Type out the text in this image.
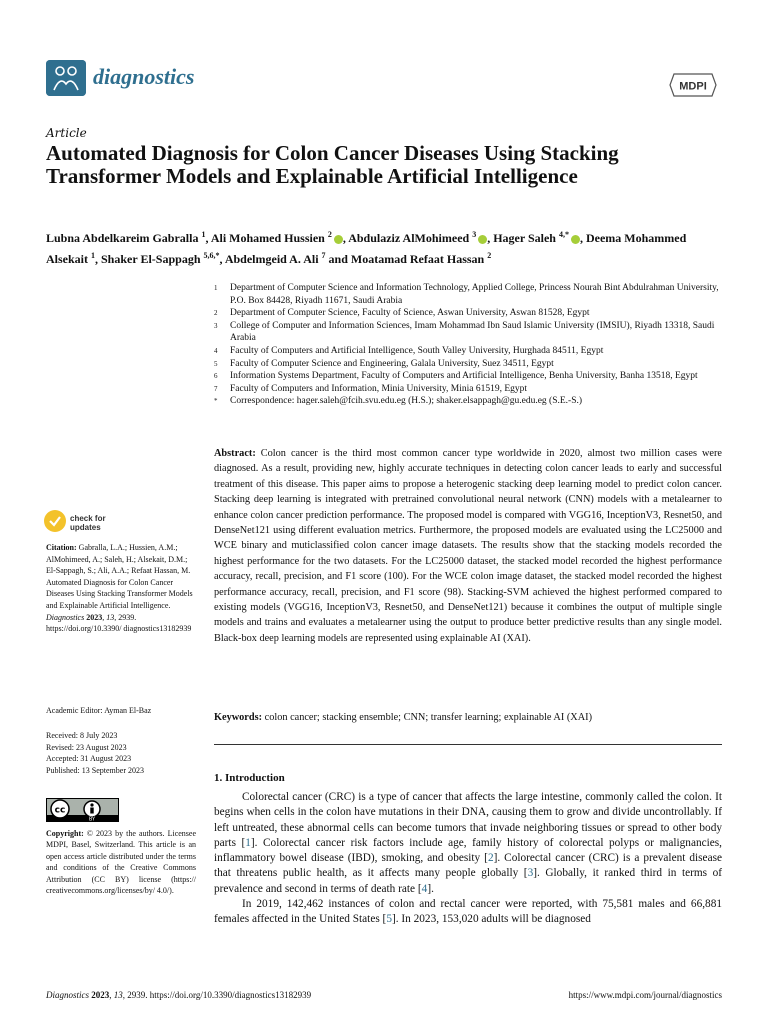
diagnostics	MDPI
Article
Automated Diagnosis for Colon Cancer Diseases Using Stacking Transformer Models and Explainable Artificial Intelligence
Lubna Abdelkareim Gabralla $^1$, Ali Mohamed Hussien $^2$ , Abdulaziz AlMohimeed $^3$ , Hager Saleh $^{4,*}$ , Deema Mohammed Alsekait $^1$, Shaker El-Sappagh $^{5,6,*}$, Abdelmgeid A. Ali $^7$ and Moatamad Refaat Hassan $^2$
1	Department of Computer Science and Information Technology, Applied College, Princess Nourah Bint Abdulrahman University, P.O. Box 84428, Riyadh 11671, Saudi Arabia
2	Department of Computer Science, Faculty of Science, Aswan University, Aswan 81528, Egypt
3	College of Computer and Information Sciences, Imam Mohammad Ibn Saud Islamic University (IMSIU), Riyadh 13318, Saudi Arabia
4	Faculty of Computers and Artificial Intelligence, South Valley University, Hurghada 84511, Egypt
5	Faculty of Computer Science and Engineering, Galala University, Suez 34511, Egypt
6	Information Systems Department, Faculty of Computers and Artificial Intelligence, Benha University, Banha 13518, Egypt
7	Faculty of Computers and Information, Minia University, Minia 61519, Egypt
*	Correspondence: hager.saleh@fcih.svu.edu.eg (H.S.); shaker.elsappagh@gu.edu.eg (S.E.-S.)
check for
updates
Citation: Gabralla, L.A.; Hussien, A.M.; AlMohimeed, A.; Saleh, H.; Alsekait, D.M.; El-Sappagh, S.; Ali, A.A.; Refaat Hassan, M. Automated Diagnosis for Colon Cancer Diseases Using Stacking Transformer Models and Explainable Artificial Intelligence. Diagnostics 2023, 13, 2939. https://doi.org/10.3390/ diagnostics13182939
Academic Editor: Ayman El-Baz
Received: 8 July 2023
Revised: 23 August 2023
Accepted: 31 August 2023
Published: 13 September 2023
cc
BY
Copyright: © 2023 by the authors. Licensee MDPI, Basel, Switzerland. This article is an open access article distributed under the terms and conditions of the Creative Commons Attribution (CC BY) license (https:// creativecommons.org/licenses/by/ 4.0/).
Abstract: Colon cancer is the third most common cancer type worldwide in 2020, almost two million cases were diagnosed. As a result, providing new, highly accurate techniques in detecting colon cancer leads to early and successful treatment of this disease. This paper aims to propose a heterogenic stacking deep learning model to predict colon cancer. Stacking deep learning is integrated with pretrained convolutional neural network (CNN) models with a metalearner to enhance colon cancer prediction performance. The proposed model is compared with VGG16, InceptionV3, Resnet50, and DenseNet121 using different evaluation metrics. Furthermore, the proposed models are evaluated using the LC25000 and WCE binary and muticlassified colon cancer image datasets. The results show that the stacking models recorded the highest performance for the two datasets. For the LC25000 dataset, the stacked model recorded the highest performance accuracy, recall, precision, and F1 score (100). For the WCE colon image dataset, the stacked model recorded the highest performance accuracy, recall, precision, and F1 score (98). Stacking-SVM achieved the highest performed compared to existing models (VGG16, InceptionV3, Resnet50, and DenseNet121) because it combines the output of multiple single models and trains and evaluates a metalearner using the output to produce better predictive results than any single model. Black-box deep learning models are represented using explainable AI (XAI).
Keywords: colon cancer; stacking ensemble; CNN; transfer learning; explainable AI (XAI)
1. Introduction

Colorectal cancer (CRC) is a type of cancer that affects the large intestine, commonly called the colon. It begins when cells in the colon have mutations in their DNA, causing them to grow and divide uncontrollably. If left untreated, these abnormal cells can become tumors that invade neighboring tissues or spread to other body parts [1]. Colorectal cancer risk factors include age, family history of colorectal polyps or malignancies, inflammatory bowel disease (IBD), smoking, and obesity [2]. Colorectal cancer (CRC) is a prevalent disease that threatens public health, as it affects many people globally [3]. Globally, it ranked third in terms of prevalence and second in terms of death rate [4].

In 2019, 142,462 instances of colon and rectal cancer were reported, with 75,581 males and 66,881 females affected in the United States [5]. In 2023, 153,020 adults will be diagnosed

Diagnostics 2023, 13, 2939. https://doi.org/10.3390/diagnostics13182939	https://www.mdpi.com/journal/diagnostics
